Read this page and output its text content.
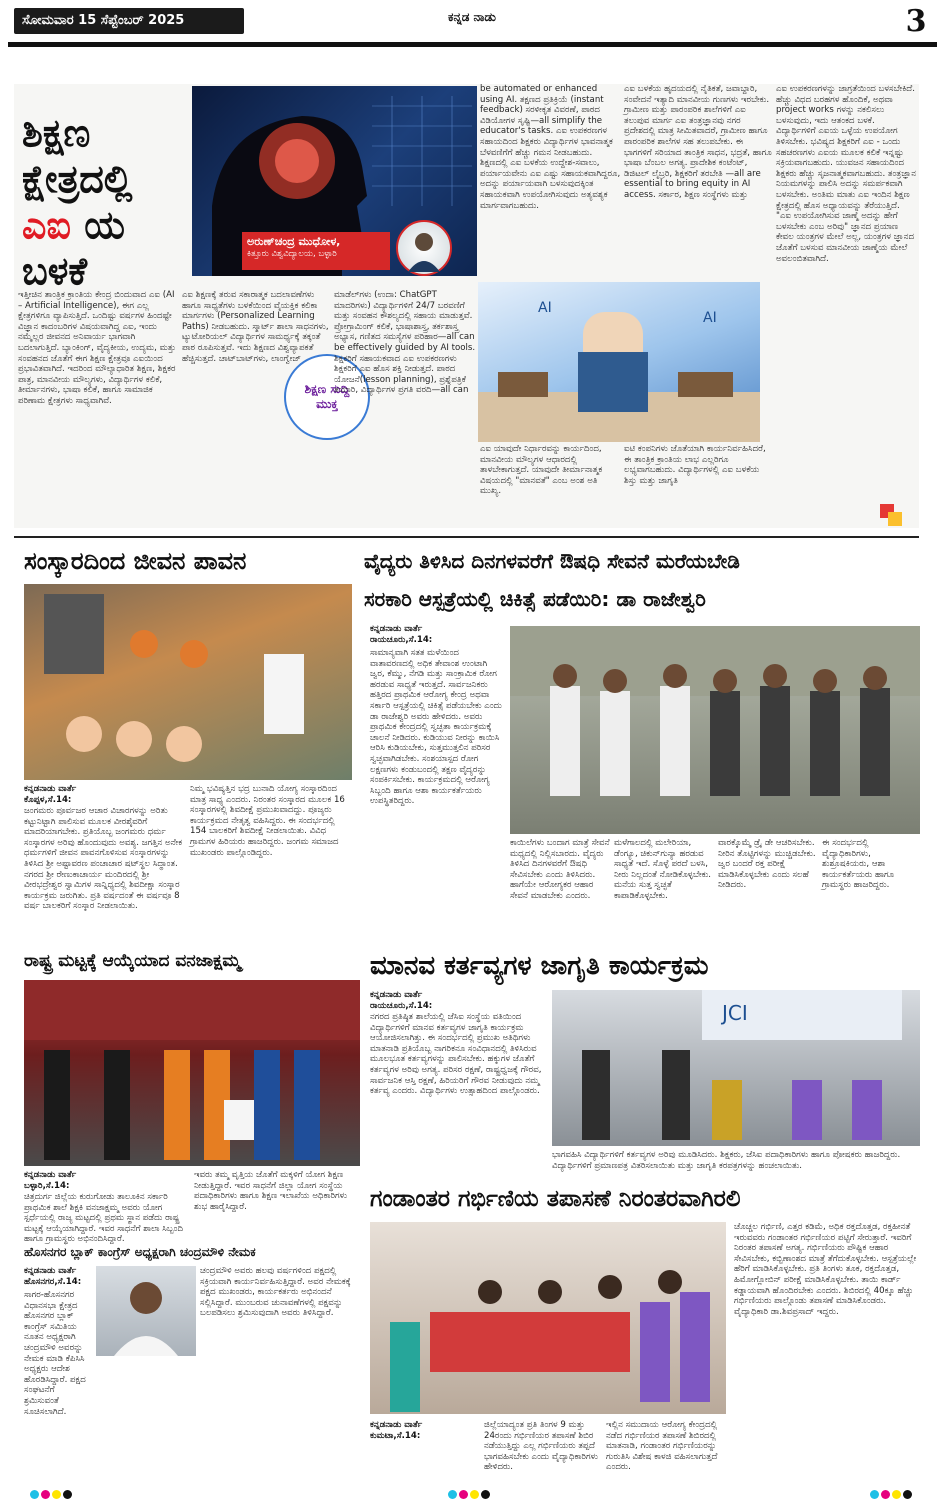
ಸೋಮವಾರ 15 ಸೆಪ್ಟೆಂಬರ್ 2025	ಕನ್ನಡ ನಾಡು	3
ಶಿಕ್ಷಣ
ಕ್ಷೇತ್ರದಲ್ಲಿ
ಎಐ ಯ
ಬಳಕೆ
ಅರುಣ್‌ಚಂದ್ರ ಮುಧೋಳ,
ಕಿತ್ತೂರು ವಿಶ್ವವಿದ್ಯಾಲಯ, ಬಳ್ಳಾರಿ
ಇತ್ತೀಚಿನ ತಾಂತ್ರಿಕ ಕ್ರಾಂತಿಯ ಕೇಂದ್ರ ಬಿಂದುವಾದ ಎಐ (AI – Artificial Intelligence), ಈಗ ಎಲ್ಲ ಕ್ಷೇತ್ರಗಳಿಗೂ ವ್ಯಾಪಿಸುತ್ತಿದೆ. ಒಂದಿಷ್ಟು ವರ್ಷಗಳ ಹಿಂದಷ್ಟೇ ವಿಜ್ಞಾನ ಕಾದಂಬರಿಗಳ ವಿಷಯವಾಗಿದ್ದ ಎಐ, ಇಂದು ನಮ್ಮೆಲ್ಲರ ಜೀವನದ ಅನಿವಾರ್ಯ ಭಾಗವಾಗಿ ಬದಲಾಗುತ್ತಿದೆ. ಬ್ಯಾಂಕಿಂಗ್, ವೈದ್ಯಕೀಯ, ಉದ್ಯಮ, ಮತ್ತು ಸಂವಹನದ ಜೊತೆಗೆ ಈಗ ಶಿಕ್ಷಣ ಕ್ಷೇತ್ರವೂ ಎಐಯಿಂದ ಪ್ರಭಾವಿತವಾಗಿದೆ. ಇದರಿಂದ ಮೌಲ್ಯಾಧಾರಿತ ಶಿಕ್ಷಣ, ಶಿಕ್ಷಕರ ಪಾತ್ರ, ಮಾನವೀಯ ಮೌಲ್ಯಗಳು, ವಿದ್ಯಾರ್ಥಿಗಳ ಕಲಿಕೆ, ತೀರ್ಮಾನಗಳು, ಭಾಷಾ ಕಲಿಕೆ, ಹಾಗೂ ಸಾಮಾಜಿಕ ಪರಿಣಾಮ ಕ್ಷೇತ್ರಗಳು ಸಾಧ್ಯವಾಗಿವೆ.
ಎಐ ಶಿಕ್ಷಣಕ್ಕೆ ತರುವ ಸಕಾರಾತ್ಮಕ ಬದಲಾವಣೆಗಳು ಹಾಗೂ ಸಾಧ್ಯತೆಗಳು ಬಳಕೆಯಿಂದ ವೈಯಕ್ತಿಕ ಕಲಿಕಾ ಮಾರ್ಗಗಳು (Personalized Learning Paths) ನೀಡಬಹುದು. ಸ್ಮಾರ್ಟ್ ಶಾಲಾ ಸಾಧನಗಳು, ಟ್ಯುಟೋರಿಯಲ್ ವಿದ್ಯಾರ್ಥಿಗಳ ಸಾಮರ್ಥ್ಯಕ್ಕೆ ತಕ್ಕಂತೆ ಪಾಠ ರೂಪಿಸುತ್ತವೆ. ಇದು ಶಿಕ್ಷಣದ ವಿಶ್ವವ್ಯಾಪಕತೆ ಹೆಚ್ಚಿಸುತ್ತದೆ. ಚಾಟ್‌ಬಾಟ್‌ಗಳು, ಲಾಂಗ್ವೇಜ್
ಶಿಕ್ಷಣ ಸುದ್ದಿ ಮುಕ್ತ
ಮಾಡೆಲ್‌ಗಳು (ಉದಾ: ChatGPT ಮಾದರಿಗಳು) ವಿದ್ಯಾರ್ಥಿಗಳಿಗೆ 24/7 ಬರವಣಿಗೆ ಮತ್ತು ಸಂವಹನ ಕೌಶಲ್ಯದಲ್ಲಿ ಸಹಾಯ ಮಾಡುತ್ತವೆ. ಪ್ರೋಗ್ರಾಮಿಂಗ್ ಕಲಿಕೆ, ಭಾಷಾಶಾಸ್ತ್ರ, ತರ್ಕಶಾಸ್ತ್ರ ಅಭ್ಯಾಸ, ಗಣಿತದ ಸಮಸ್ಯೆಗಳ ಪರಿಹಾರ—all can be effectively guided by AI tools. ಶಿಕ್ಷಕರಿಗೆ ಸಹಾಯಕವಾದ ಎಐ ಉಪಕರಣಗಳು ಶಿಕ್ಷಕರಿಗೆ ಎಐ ಹೊಸ ಶಕ್ತಿ ನೀಡುತ್ತದೆ. ಪಾಠದ ಯೋಜನೆ(lesson planning), ಪ್ರಶ್ನೆಪತ್ರಿಕೆ ತಯಾರಿ, ವಿದ್ಯಾರ್ಥಿಗಳ ಪ್ರಗತಿ ವರದಿ—all can
be automated or enhanced using AI. ತಕ್ಷಣದ ಪ್ರತಿಕ್ರಿಯೆ (instant feedback) ಸರಳೀಕೃತ ವಿವರಣೆ, ಪಾಠದ ವಿಡಿಯೋಗಳ ಸೃಷ್ಟಿ—all simplify the educator's tasks. ಎಐ ಉಪಕರಣಗಳ ಸಹಾಯದಿಂದ ಶಿಕ್ಷಕರು ವಿದ್ಯಾರ್ಥಿಗಳ ಭಾವನಾತ್ಮಕ ಬೆಳವಣಿಗೆಗೆ ಹೆಚ್ಚು ಗಮನ ನೀಡಬಹುದು. ಶಿಕ್ಷಣದಲ್ಲಿ ಎಐ ಬಳಕೆಯ ಉದ್ದೇಶ-ಸವಾಲು, ಪರ್ಯಾಯವೇನು ಎಐ ಎಷ್ಟು ಸಹಾಯಕವಾಗಿದ್ದರೂ, ಅದನ್ನು ಪರ್ಯಾಯವಾಗಿ ಬಳಸುವುದಕ್ಕಿಂತ ಸಹಾಯಕವಾಗಿ ಉಪಯೋಗಿಸುವುದು ಅತ್ಯವಶ್ಯಕ ಮಾರ್ಗವಾಗಬಹುದು.
AI
AI
ಎಐ ಯಾವುದೇ ನಿರ್ಧಾರವನ್ನು ಕಾರ್ಯದಿಂದ, ಮಾನವೀಯ ಮೌಲ್ಯಗಳ ಆಧಾರದಲ್ಲಿ ತಾಳಬೇಕಾಗುತ್ತದೆ. ಯಾವುದೇ ತೀರ್ಮಾನಾತ್ಮಕ ವಿಷಯದಲ್ಲಿ "ಮಾನವತೆ" ಎಂಬ ಅಂಶ ಅತಿ ಮುಖ್ಯ.
ಎಐ ಬಳಕೆಯ ಹೃದಯದಲ್ಲಿ ನೈತಿಕತೆ, ಜವಾಬ್ದಾರಿ, ಸಂವೇದನೆ ಇತ್ಯಾದಿ ಮಾನವೀಯ ಗುಣಗಳು ಇರಬೇಕು. ಗ್ರಾಮೀಣ ಮತ್ತು ಪಾರಂಪರಿಕ ಶಾಲೆಗಳಿಗೆ ಎಐ ತಲುಪುವ ಮಾರ್ಗ ಎಐ ತಂತ್ರಜ್ಞಾನವು ನಗರ ಪ್ರದೇಶದಲ್ಲಿ ಮಾತ್ರ ಸೀಮಿತವಾದರೆ, ಗ್ರಾಮೀಣ ಹಾಗೂ ಪಾರಂಪರಿಕ ಶಾಲೆಗಳ ಸಹ ತಲುಪಬೇಕು. ಈ ಭಾಗಗಳಿಗೆ ಸರಿಯಾದ ತಾಂತ್ರಿಕ ಸಾಧನ, ಭದ್ರತೆ, ಹಾಗೂ ಭಾಷಾ ಬೆಂಬಲ ಅಗತ್ಯ. ಪ್ರಾದೇಶಿಕ ಕಂಟೆಂಟ್, ಡಿಜಿಟಲ್ ಲೈಬ್ರರಿ, ಶಿಕ್ಷಕರಿಗೆ ತರಬೇತಿ —all are essential to bring equity in AI access. ಸರ್ಕಾರ, ಶಿಕ್ಷಣ ಸಂಸ್ಥೆಗಳು ಮತ್ತು
ಐಟಿ ಕಂಪನಿಗಳು ಜೊತೆಯಾಗಿ ಕಾರ್ಯನಿರ್ವಹಿಸಿದರೆ, ಈ ತಾಂತ್ರಿಕ ಕ್ರಾಂತಿಯ ಲಾಭ ಎಲ್ಲರಿಗೂ ಲಭ್ಯವಾಗಬಹುದು. ವಿದ್ಯಾರ್ಥಿಗಳಲ್ಲಿ ಎಐ ಬಳಕೆಯ ಶಿಸ್ತು ಮತ್ತು ಜಾಗೃತಿ
ಎಐ ಉಪಕರಣಗಳನ್ನು ಜಾಗ್ರತೆಯಿಂದ ಬಳಸಬೇಕಿದೆ. ಹೆಚ್ಚು ವಿಧದ ಬರಹಗಳ ಹೊಂದಿಕೆ, ಅಥವಾ project works ಗಳನ್ನು ನಕಲಿಸಲು ಬಳಸುವುದು, ಇದು ಆತಂಕದ ಬಳಕೆ. ವಿದ್ಯಾರ್ಥಿಗಳಿಗೆ ಎಐಯ ಒಳ್ಳೆಯ ಉಪಯೋಗ ತಿಳಿಸಬೇಕು. ಭವಿಷ್ಯದ ಶಿಕ್ಷಕರಿಗೆ ಎಐ - ಒಂದು ಸಹಚರಣಗಳು ಎಐಯ ಮೂಲಕ ಕಲಿಕೆ ಇನ್ನಷ್ಟು ಸಕ್ರಿಯವಾಗಬಹುದು. ಯುವಜನ ಸಹಾಯದಿಂದ ಶಿಕ್ಷಕರು ಹೆಚ್ಚು ಸೃಜನಾತ್ಮಕವಾಗಬಹುದು. ತಂತ್ರಜ್ಞಾನ ನಿಯಮಗಳನ್ನು ಪಾಲಿಸಿ ಅದನ್ನು ಸಮರ್ಪಕವಾಗಿ ಬಳಸಬೇಕು. ಅಂತಿಮ ಮಾತು ಎಐ ಇಂದಿನ ಶಿಕ್ಷಣ ಕ್ಷೇತ್ರದಲ್ಲಿ ಹೊಸ ಅಧ್ಯಾಯವನ್ನು ತೆರೆಯುತ್ತಿದೆ. "ಎಐ ಉಪಯೋಗಿಸುವ ಜಾಣ್ಮೆ ಅದನ್ನು ಹೇಗೆ ಬಳಸಬೇಕು ಎಂಬ ಅರಿವು" ಜ್ಞಾನದ ಪ್ರಯಾಣ ಕೇವಲ ಯಂತ್ರಗಳ ಮೇಲೆ ಅಲ್ಲ, ಯಂತ್ರಗಳ ಜ್ಞಾನದ ಜೊತೆಗೆ ಬಳಸುವ ಮಾನವೀಯ ಜಾಣ್ಮೆಯ ಮೇಲೆ ಅವಲಂಬಿತವಾಗಿದೆ.
ಸಂಸ್ಕಾರದಿಂದ ಜೀವನ ಪಾವನ
ಕನ್ನಡನಾಡು ವಾರ್ತೆ
ಕೊಪ್ಪಳ,ಸೆ.14:
ಜಂಗಮರು ಪೂರ್ವಜರ ಆಚಾರ ವಿಚಾರಗಳನ್ನು ಅರಿತು ಕಟ್ಟುನಿಟ್ಟಾಗಿ ಪಾಲಿಸುವ ಮೂಲಕ ವೀರಶೈವರಿಗೆ ಮಾದರಿಯಾಗಬೇಕು. ಪ್ರತಿಯೊಬ್ಬ ಜಂಗಮರು ಧರ್ಮ ಸಂಸ್ಕಾರಗಳ ಅರಿವು ಹೊಂದುವುದು ಅವಶ್ಯ. ಜಗತ್ತಿನ ಅನೇಕ ಧರ್ಮಗಳಿಗೆ ಜೀವನ ಪಾವನಗೊಳಿಸುವ ಸಂಸ್ಕಾರಗಳನ್ನು ತಿಳಿಸಿದ ಶ್ರೀ ಅಷ್ಟಾವರಣ ಪಂಚಾಚಾರ ಷಟ್‌ಸ್ಥಲ ಸಿದ್ಧಾಂತ. ನಗರದ ಶ್ರೀ ರೇಣುಕಾಚಾರ್ಯ ಮಂದಿರದಲ್ಲಿ ಶ್ರೀ ವೀರಭದ್ರೇಶ್ವರ ಸ್ವಾಮಿಗಳ ಸಾನ್ನಿಧ್ಯದಲ್ಲಿ ಶಿವದೀಕ್ಷಾ ಸಂಸ್ಕಾರ ಕಾರ್ಯಕ್ರಮ ಜರುಗಿತು. ಪ್ರತಿ ವರ್ಷದಂತೆ ಈ ವರ್ಷವೂ 8 ವರ್ಷ ಬಾಲಕರಿಗೆ ಸಂಸ್ಕಾರ ನೀಡಲಾಯಿತು.
ನಿಮ್ಮ ಭವಿಷ್ಯತ್ತಿನ ಭದ್ರ ಬುನಾದಿ ಯೋಗ್ಯ ಸಂಸ್ಕಾರದಿಂದ ಮಾತ್ರ ಸಾಧ್ಯ ಎಂದರು. ನಿರಂತರ ಸಂಸ್ಕಾರದ ಮೂಲಕ 16 ಸಂಸ್ಕಾರಗಳಲ್ಲಿ ಶಿವದೀಕ್ಷೆ ಪ್ರಮುಖವಾದದ್ದು. ಪೂಜ್ಯರು ಕಾರ್ಯಕ್ರಮದ ನೇತೃತ್ವ ವಹಿಸಿದ್ದರು. ಈ ಸಂದರ್ಭದಲ್ಲಿ 154 ಬಾಲಕರಿಗೆ ಶಿವದೀಕ್ಷೆ ನೀಡಲಾಯಿತು. ವಿವಿಧ ಗ್ರಾಮಗಳ ಹಿರಿಯರು ಹಾಜರಿದ್ದರು. ಜಂಗಮ ಸಮಾಜದ ಮುಖಂಡರು ಪಾಲ್ಗೊಂಡಿದ್ದರು.
ವೈದ್ಯರು ತಿಳಿಸಿದ ದಿನಗಳವರೆಗೆ ಔಷಧಿ ಸೇವನೆ ಮರೆಯಬೇಡಿ
ಸರಕಾರಿ ಆಸ್ಪತ್ರೆಯಲ್ಲಿ ಚಿಕಿತ್ಸೆ ಪಡೆಯಿರಿ: ಡಾ ರಾಜೇಶ್ವರಿ
ಕನ್ನಡನಾಡು ವಾರ್ತೆ
ರಾಯಚೂರು,ಸೆ.14:
ಸಾಮಾನ್ಯವಾಗಿ ಸತತ ಮಳೆಯಿಂದ ವಾತಾವರಣದಲ್ಲಿ ಅಧಿಕ ತೇವಾಂಶ ಉಂಟಾಗಿ ಜ್ವರ, ಕೆಮ್ಮು, ನೆಗಡಿ ಮತ್ತು ಸಾಂಕ್ರಾಮಿಕ ರೋಗ ಹರಡುವ ಸಾಧ್ಯತೆ ಇರುತ್ತದೆ. ಸಾರ್ವಜನಿಕರು ಹತ್ತಿರದ ಪ್ರಾಥಮಿಕ ಆರೋಗ್ಯ ಕೇಂದ್ರ ಅಥವಾ ಸರ್ಕಾರಿ ಆಸ್ಪತ್ರೆಯಲ್ಲಿ ಚಿಕಿತ್ಸೆ ಪಡೆಯಬೇಕು ಎಂದು ಡಾ ರಾಜೇಶ್ವರಿ ಅವರು ಹೇಳಿದರು. ಅವರು ಪ್ರಾಥಮಿಕ ಕೇಂದ್ರದಲ್ಲಿ ಸ್ವಚ್ಛತಾ ಕಾರ್ಯಕ್ರಮಕ್ಕೆ ಚಾಲನೆ ನೀಡಿದರು. ಕುಡಿಯುವ ನೀರನ್ನು ಕಾಯಿಸಿ ಆರಿಸಿ ಕುಡಿಯಬೇಕು, ಸುತ್ತಮುತ್ತಲಿನ ಪರಿಸರ ಸ್ವಚ್ಛವಾಗಿಡಬೇಕು. ಸಂಶಯಾಸ್ಪದ ರೋಗ ಲಕ್ಷಣಗಳು ಕಂಡುಬಂದಲ್ಲಿ ತಕ್ಷಣ ವೈದ್ಯರನ್ನು ಸಂಪರ್ಕಿಸಬೇಕು. ಕಾರ್ಯಕ್ರಮದಲ್ಲಿ ಆರೋಗ್ಯ ಸಿಬ್ಬಂದಿ ಹಾಗೂ ಆಶಾ ಕಾರ್ಯಕರ್ತೆಯರು ಉಪಸ್ಥಿತರಿದ್ದರು.
ಕಾಯಿಲೆಗಳು ಬಂದಾಗ ಮಾತ್ರೆ ಸೇವನೆ ಮಧ್ಯದಲ್ಲಿ ನಿಲ್ಲಿಸಬಾರದು. ವೈದ್ಯರು ತಿಳಿಸಿದ ದಿನಗಳವರೆಗೆ ಔಷಧಿ ಸೇವಿಸಬೇಕು ಎಂದು ತಿಳಿಸಿದರು. ಹಾಗೆಯೇ ಆರೋಗ್ಯಕರ ಆಹಾರ ಸೇವನೆ ಮಾಡಬೇಕು ಎಂದರು.
ಮಳೆಗಾಲದಲ್ಲಿ ಮಲೇರಿಯಾ, ಡೆಂಗ್ಯೂ, ಚಿಕುನ್‌ಗುನ್ಯಾ ಹರಡುವ ಸಾಧ್ಯತೆ ಇದೆ. ಸೊಳ್ಳೆ ಪರದೆ ಬಳಸಿ, ನೀರು ನಿಲ್ಲದಂತೆ ನೋಡಿಕೊಳ್ಳಬೇಕು. ಮನೆಯ ಸುತ್ತ ಸ್ವಚ್ಛತೆ ಕಾಪಾಡಿಕೊಳ್ಳಬೇಕು.
ವಾರಕ್ಕೊಮ್ಮೆ ಡ್ರೈ ಡೇ ಆಚರಿಸಬೇಕು. ನೀರಿನ ತೊಟ್ಟಿಗಳನ್ನು ಮುಚ್ಚಿಡಬೇಕು. ಜ್ವರ ಬಂದರೆ ರಕ್ತ ಪರೀಕ್ಷೆ ಮಾಡಿಸಿಕೊಳ್ಳಬೇಕು ಎಂದು ಸಲಹೆ ನೀಡಿದರು.
ಈ ಸಂದರ್ಭದಲ್ಲಿ ವೈದ್ಯಾಧಿಕಾರಿಗಳು, ಶುಶ್ರೂಷಕಿಯರು, ಆಶಾ ಕಾರ್ಯಕರ್ತೆಯರು ಹಾಗೂ ಗ್ರಾಮಸ್ಥರು ಹಾಜರಿದ್ದರು.
ರಾಷ್ಟ್ರ ಮಟ್ಟಕ್ಕೆ ಆಯ್ಕೆಯಾದ ವನಜಾಕ್ಷಮ್ಮ
ಕನ್ನಡನಾಡು ವಾರ್ತೆ
ಬಳ್ಳಾರಿ,ಸೆ.14:
ಚಿತ್ರದುರ್ಗ ಜಿಲ್ಲೆಯ ಕುರುಗೋಡು ತಾಲೂಕಿನ ಸರ್ಕಾರಿ ಪ್ರಾಥಮಿಕ ಶಾಲೆ ಶಿಕ್ಷಕಿ ವನಜಾಕ್ಷಮ್ಮ ಅವರು ಯೋಗ ಸ್ಪರ್ಧೆಯಲ್ಲಿ ರಾಜ್ಯ ಮಟ್ಟದಲ್ಲಿ ಪ್ರಥಮ ಸ್ಥಾನ ಪಡೆದು ರಾಷ್ಟ್ರ ಮಟ್ಟಕ್ಕೆ ಆಯ್ಕೆಯಾಗಿದ್ದಾರೆ. ಇವರ ಸಾಧನೆಗೆ ಶಾಲಾ ಸಿಬ್ಬಂದಿ ಹಾಗೂ ಗ್ರಾಮಸ್ಥರು ಅಭಿನಂದಿಸಿದ್ದಾರೆ.
ಇವರು ತಮ್ಮ ವೃತ್ತಿಯ ಜೊತೆಗೆ ಮಕ್ಕಳಿಗೆ ಯೋಗ ಶಿಕ್ಷಣ ನೀಡುತ್ತಿದ್ದಾರೆ. ಇವರ ಸಾಧನೆಗೆ ಜಿಲ್ಲಾ ಯೋಗ ಸಂಸ್ಥೆಯ ಪದಾಧಿಕಾರಿಗಳು ಹಾಗೂ ಶಿಕ್ಷಣ ಇಲಾಖೆಯ ಅಧಿಕಾರಿಗಳು ಶುಭ ಹಾರೈಸಿದ್ದಾರೆ.
ಮಾನವ ಕರ್ತವ್ಯಗಳ ಜಾಗೃತಿ ಕಾರ್ಯಕ್ರಮ
ಕನ್ನಡನಾಡು ವಾರ್ತೆ
ರಾಯಚೂರು,ಸೆ.14:
ನಗರದ ಪ್ರತಿಷ್ಠಿತ ಶಾಲೆಯಲ್ಲಿ ಜೆಸಿಐ ಸಂಸ್ಥೆಯ ವತಿಯಿಂದ ವಿದ್ಯಾರ್ಥಿಗಳಿಗೆ ಮಾನವ ಕರ್ತವ್ಯಗಳ ಜಾಗೃತಿ ಕಾರ್ಯಕ್ರಮ ಆಯೋಜಿಸಲಾಗಿತ್ತು. ಈ ಸಂದರ್ಭದಲ್ಲಿ ಪ್ರಮುಖ ಅತಿಥಿಗಳು ಮಾತನಾಡಿ ಪ್ರತಿಯೊಬ್ಬ ನಾಗರಿಕನೂ ಸಂವಿಧಾನದಲ್ಲಿ ತಿಳಿಸಿರುವ ಮೂಲಭೂತ ಕರ್ತವ್ಯಗಳನ್ನು ಪಾಲಿಸಬೇಕು. ಹಕ್ಕುಗಳ ಜೊತೆಗೆ ಕರ್ತವ್ಯಗಳ ಅರಿವು ಅಗತ್ಯ. ಪರಿಸರ ರಕ್ಷಣೆ, ರಾಷ್ಟ್ರಧ್ವಜಕ್ಕೆ ಗೌರವ, ಸಾರ್ವಜನಿಕ ಆಸ್ತಿ ರಕ್ಷಣೆ, ಹಿರಿಯರಿಗೆ ಗೌರವ ನೀಡುವುದು ನಮ್ಮ ಕರ್ತವ್ಯ ಎಂದರು. ವಿದ್ಯಾರ್ಥಿಗಳು ಉತ್ಸಾಹದಿಂದ ಪಾಲ್ಗೊಂಡರು.
JCI
ಭಾಗವಹಿಸಿ ವಿದ್ಯಾರ್ಥಿಗಳಿಗೆ ಕರ್ತವ್ಯಗಳ ಅರಿವು ಮೂಡಿಸಿದರು. ಶಿಕ್ಷಕರು, ಜೆಸಿಐ ಪದಾಧಿಕಾರಿಗಳು ಹಾಗೂ ಪೋಷಕರು ಹಾಜರಿದ್ದರು. ವಿದ್ಯಾರ್ಥಿಗಳಿಗೆ ಪ್ರಮಾಣಪತ್ರ ವಿತರಿಸಲಾಯಿತು ಮತ್ತು ಜಾಗೃತಿ ಕರಪತ್ರಗಳನ್ನು ಹಂಚಲಾಯಿತು.
ಹೊಸನಗರ ಬ್ಲಾಕ್ ಕಾಂಗ್ರೆಸ್ ಅಧ್ಯಕ್ಷರಾಗಿ ಚಂದ್ರಮೌಳಿ ನೇಮಕ
ಕನ್ನಡನಾಡು ವಾರ್ತೆ
ಹೊಸನಗರ,ಸೆ.14:
ಸಾಗರ-ಹೊಸನಗರ ವಿಧಾನಸಭಾ ಕ್ಷೇತ್ರದ ಹೊಸನಗರ ಬ್ಲಾಕ್ ಕಾಂಗ್ರೆಸ್ ಸಮಿತಿಯ ನೂತನ ಅಧ್ಯಕ್ಷರಾಗಿ ಚಂದ್ರಮೌಳಿ ಅವರನ್ನು ನೇಮಕ ಮಾಡಿ ಕೆಪಿಸಿಸಿ ಅಧ್ಯಕ್ಷರು ಆದೇಶ ಹೊರಡಿಸಿದ್ದಾರೆ. ಪಕ್ಷದ ಸಂಘಟನೆಗೆ ಶ್ರಮಿಸುವಂತೆ ಸೂಚಿಸಲಾಗಿದೆ.
ಚಂದ್ರಮೌಳಿ ಅವರು ಹಲವು ವರ್ಷಗಳಿಂದ ಪಕ್ಷದಲ್ಲಿ ಸಕ್ರಿಯವಾಗಿ ಕಾರ್ಯನಿರ್ವಹಿಸುತ್ತಿದ್ದಾರೆ. ಅವರ ನೇಮಕಕ್ಕೆ ಪಕ್ಷದ ಮುಖಂಡರು, ಕಾರ್ಯಕರ್ತರು ಅಭಿನಂದನೆ ಸಲ್ಲಿಸಿದ್ದಾರೆ. ಮುಂಬರುವ ಚುನಾವಣೆಗಳಲ್ಲಿ ಪಕ್ಷವನ್ನು ಬಲಪಡಿಸಲು ಶ್ರಮಿಸುವುದಾಗಿ ಅವರು ತಿಳಿಸಿದ್ದಾರೆ.
ಗಂಡಾಂತರ ಗರ್ಭಿಣಿಯ ತಪಾಸಣೆ ನಿರಂತರವಾಗಿರಲಿ
ಕನ್ನಡನಾಡು ವಾರ್ತೆ
ಕುಮಟಾ,ಸೆ.14:
ಜಿಲ್ಲೆಯಾದ್ಯಂತ ಪ್ರತಿ ತಿಂಗಳ 9 ಮತ್ತು 24ರಂದು ಗರ್ಭಿಣಿಯರ ತಪಾಸಣೆ ಶಿಬಿರ ನಡೆಯುತ್ತಿದ್ದು ಎಲ್ಲ ಗರ್ಭಿಣಿಯರು ತಪ್ಪದೆ ಭಾಗವಹಿಸಬೇಕು ಎಂದು ವೈದ್ಯಾಧಿಕಾರಿಗಳು ಹೇಳಿದರು.
ಇಲ್ಲಿನ ಸಮುದಾಯ ಆರೋಗ್ಯ ಕೇಂದ್ರದಲ್ಲಿ ನಡೆದ ಗರ್ಭಿಣಿಯರ ತಪಾಸಣೆ ಶಿಬಿರದಲ್ಲಿ ಮಾತನಾಡಿ, ಗಂಡಾಂತರ ಗರ್ಭಿಣಿಯರನ್ನು ಗುರುತಿಸಿ ವಿಶೇಷ ಕಾಳಜಿ ವಹಿಸಲಾಗುತ್ತದೆ ಎಂದರು.
ಚೊಚ್ಚಲ ಗರ್ಭಿಣಿ, ಎತ್ತರ ಕಡಿಮೆ, ಅಧಿಕ ರಕ್ತದೊತ್ತಡ, ರಕ್ತಹೀನತೆ ಇರುವವರು ಗಂಡಾಂತರ ಗರ್ಭಿಣಿಯರ ಪಟ್ಟಿಗೆ ಸೇರುತ್ತಾರೆ. ಇವರಿಗೆ ನಿರಂತರ ತಪಾಸಣೆ ಅಗತ್ಯ. ಗರ್ಭಿಣಿಯರು ಪೌಷ್ಟಿಕ ಆಹಾರ ಸೇವಿಸಬೇಕು, ಕಬ್ಬಿಣಾಂಶದ ಮಾತ್ರೆ ತೆಗೆದುಕೊಳ್ಳಬೇಕು. ಆಸ್ಪತ್ರೆಯಲ್ಲೇ ಹೆರಿಗೆ ಮಾಡಿಸಿಕೊಳ್ಳಬೇಕು. ಪ್ರತಿ ತಿಂಗಳು ತೂಕ, ರಕ್ತದೊತ್ತಡ, ಹಿಮೋಗ್ಲೋಬಿನ್ ಪರೀಕ್ಷೆ ಮಾಡಿಸಿಕೊಳ್ಳಬೇಕು. ತಾಯಿ ಕಾರ್ಡ್ ಕಡ್ಡಾಯವಾಗಿ ಹೊಂದಿರಬೇಕು ಎಂದರು. ಶಿಬಿರದಲ್ಲಿ 40ಕ್ಕೂ ಹೆಚ್ಚು ಗರ್ಭಿಣಿಯರು ಪಾಲ್ಗೊಂಡು ತಪಾಸಣೆ ಮಾಡಿಸಿಕೊಂಡರು. ವೈದ್ಯಾಧಿಕಾರಿ ಡಾ.ಶಿವಪ್ರಸಾದ್ ಇದ್ದರು.
